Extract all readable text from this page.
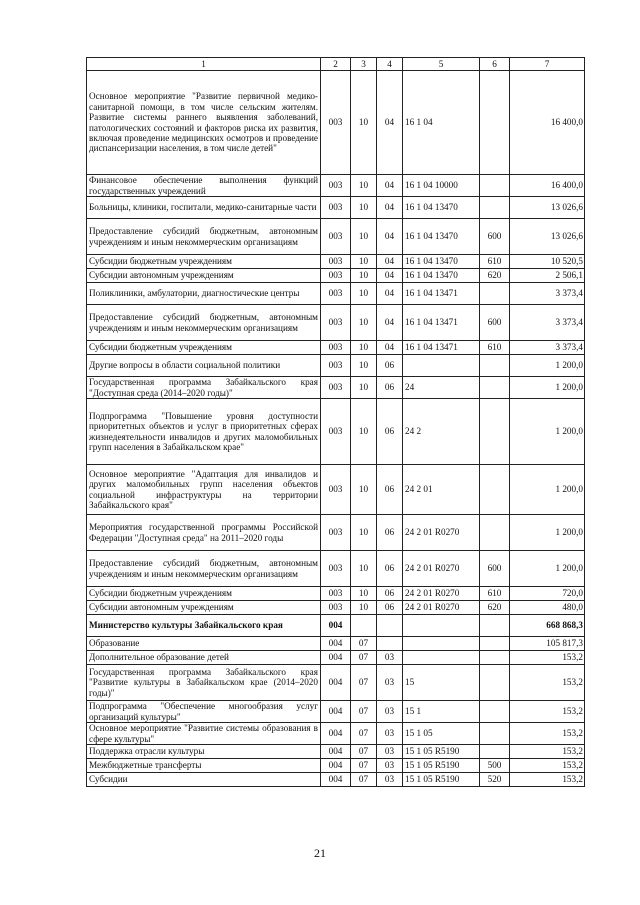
1	2	3	4	5	6	7
Основное мероприятие "Развитие первичной медико-санитарной помощи, в том числе сельским жителям. Развитие системы раннего выявления заболеваний, патологических состояний и факторов риска их развития, включая проведение медицинских осмотров и проведение диспансеризации населения, в том числе детей"	003	10	04	16 1 04		16 400,0
Финансовое обеспечение выполнения функций государственных учреждений	003	10	04	16 1 04 10000		16 400,0
Больницы, клиники, госпитали, медико-санитарные части	003	10	04	16 1 04 13470		13 026,6
Предоставление субсидий бюджетным, автономным учреждениям и иным некоммерческим организациям	003	10	04	16 1 04 13470	600	13 026,6
Субсидии бюджетным учреждениям	003	10	04	16 1 04 13470	610	10 520,5
Субсидии автономным учреждениям	003	10	04	16 1 04 13470	620	2 506,1
Поликлиники, амбулатории, диагностические центры	003	10	04	16 1 04 13471		3 373,4
Предоставление субсидий бюджетным, автономным учреждениям и иным некоммерческим организациям	003	10	04	16 1 04 13471	600	3 373,4
Субсидии бюджетным учреждениям	003	10	04	16 1 04 13471	610	3 373,4
Другие вопросы в области социальной политики	003	10	06			1 200,0
Государственная программа Забайкальского края "Доступная среда (2014–2020 годы)"	003	10	06	24		1 200,0
Подпрограмма "Повышение уровня доступности приоритетных объектов и услуг в приоритетных сферах жизнедеятельности инвалидов и других маломобильных групп населения в Забайкальском крае"	003	10	06	24 2		1 200,0
Основное мероприятие "Адаптация для инвалидов и других маломобильных групп населения объектов социальной инфраструктуры на территории Забайкальского края"	003	10	06	24 2 01		1 200,0
Мероприятия государственной программы Российской Федерации "Доступная среда" на 2011–2020 годы	003	10	06	24 2 01 R0270		1 200,0
Предоставление субсидий бюджетным, автономным учреждениям и иным некоммерческим организациям	003	10	06	24 2 01 R0270	600	1 200,0
Субсидии бюджетным учреждениям	003	10	06	24 2 01 R0270	610	720,0
Субсидии автономным учреждениям	003	10	06	24 2 01 R0270	620	480,0
Министерство культуры Забайкальского края	004					668 868,3
Образование	004	07				105 817,3
Дополнительное образование детей	004	07	03			153,2
Государственная программа Забайкальского края "Развитие культуры в Забайкальском крае (2014–2020 годы)"	004	07	03	15		153,2
Подпрограмма "Обеспечение многообразия услуг организаций культуры"	004	07	03	15 1		153,2
Основное мероприятие "Развитие системы образования в сфере культуры"	004	07	03	15 1 05		153,2
Поддержка отрасли культуры	004	07	03	15 1 05 R5190		153,2
Межбюджетные трансферты	004	07	03	15 1 05 R5190	500	153,2
Субсидии	004	07	03	15 1 05 R5190	520	153,2
21
